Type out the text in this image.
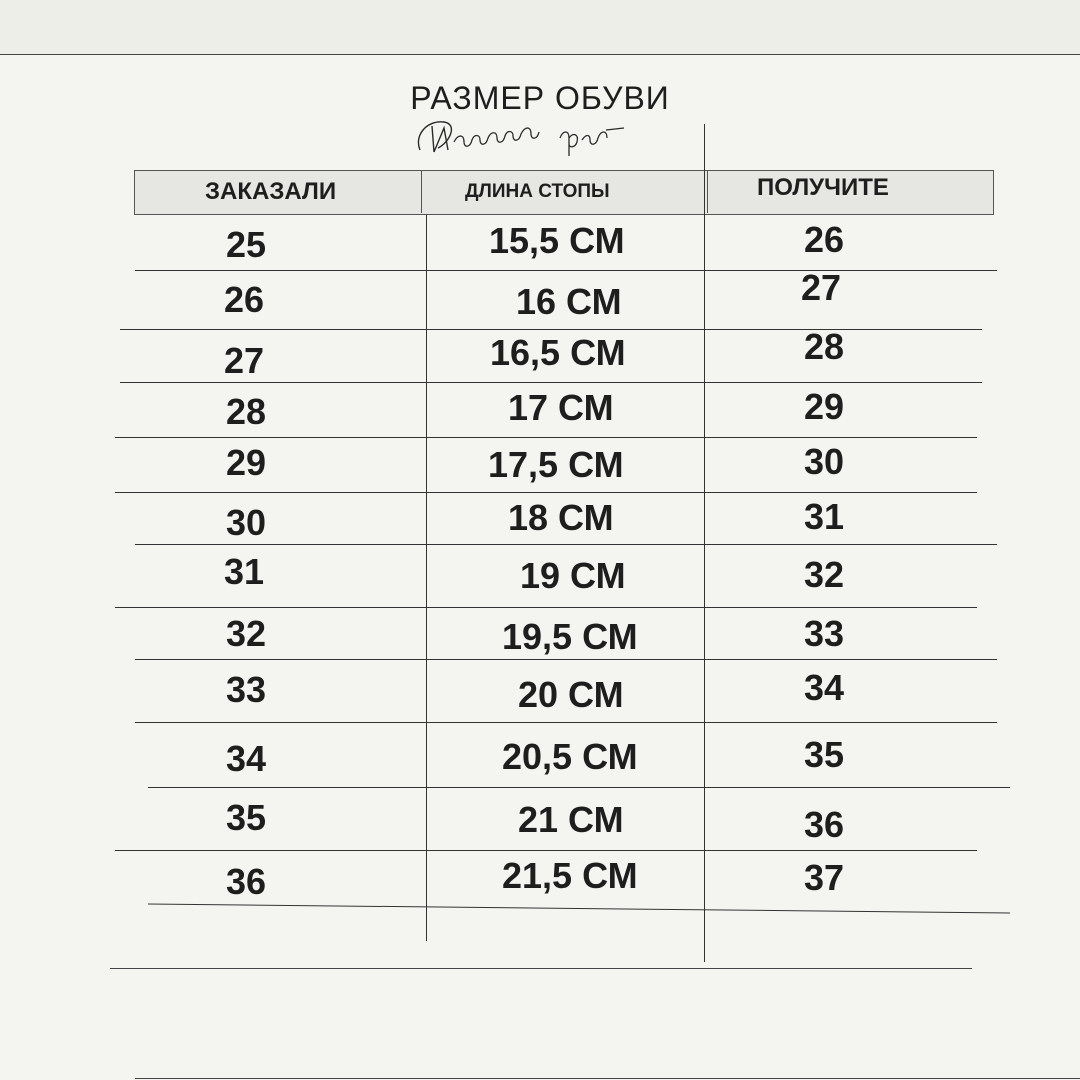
РАЗМЕР ОБУВИ
ЗАКАЗАЛИ	ДЛИНА СТОПЫ	ПОЛУЧИТЕ
25	15,5 СМ	26
26	16 СМ	27
27	16,5 СМ	28
28	17 СМ	29
29	17,5 СМ	30
30	18 СМ	31
31	19 СМ	32
32	19,5 СМ	33
33	20 СМ	34
34	20,5 СМ	35
35	21 СМ	36
36	21,5 СМ	37
